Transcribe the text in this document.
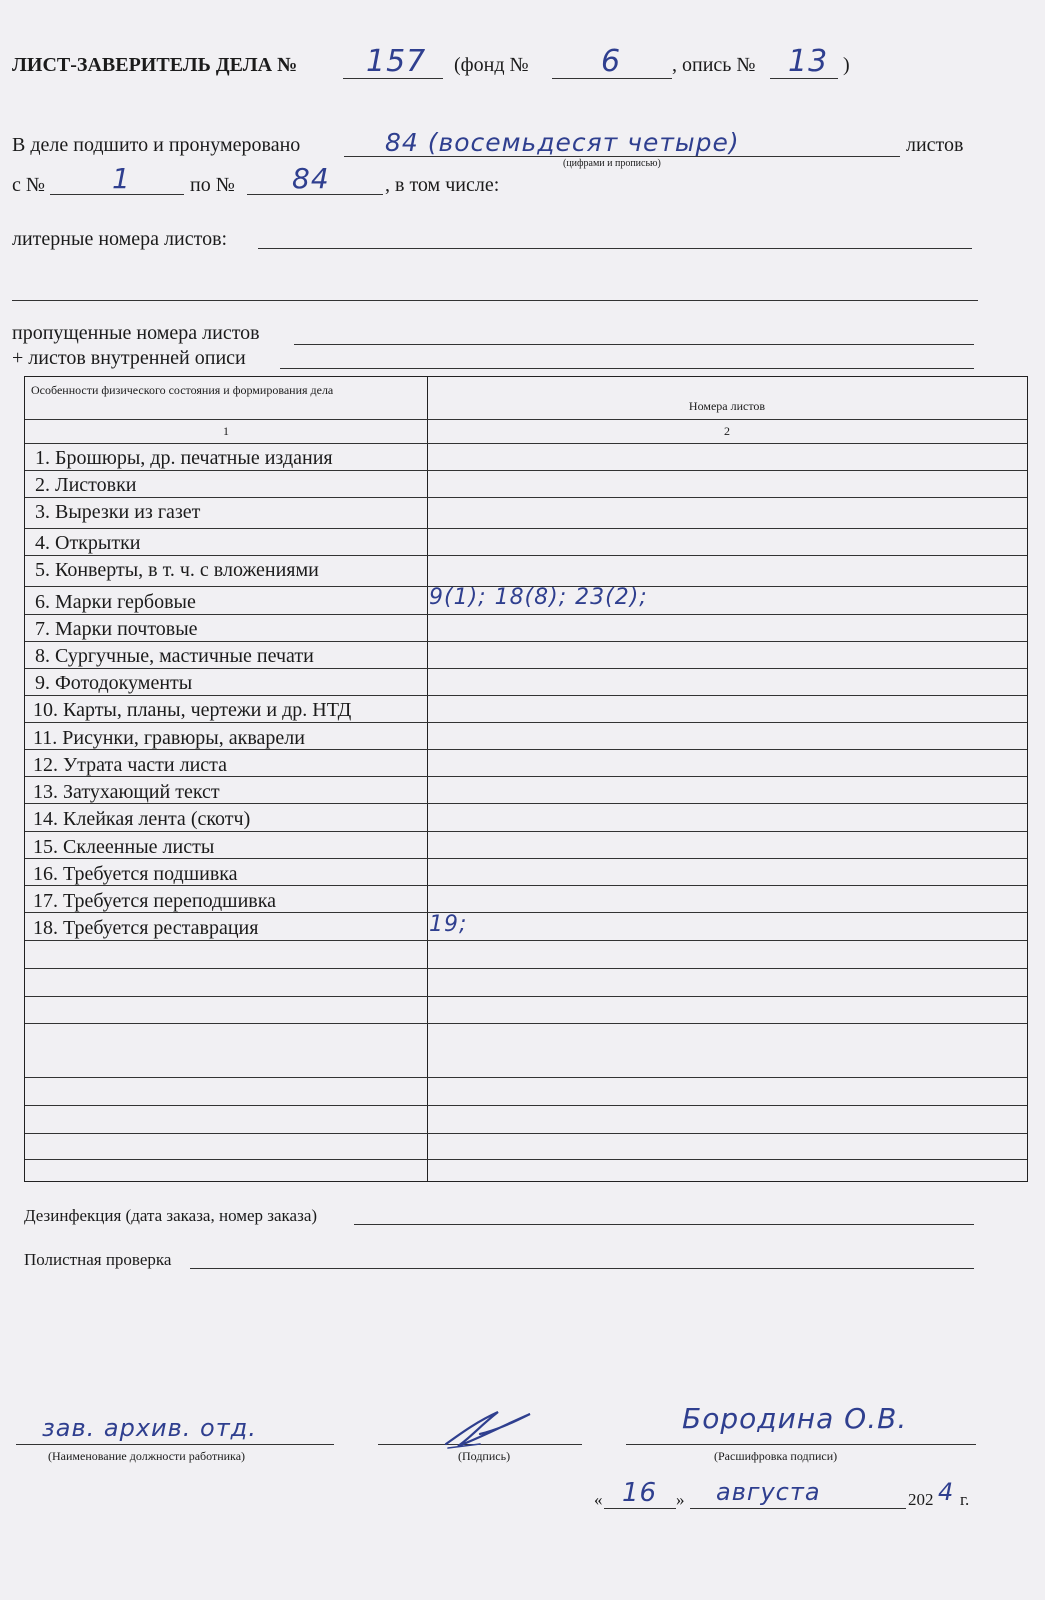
ЛИСТ-ЗАВЕРИТЕЛЬ ДЕЛА № 157 (фонд № 6	, опись № 13 )
В деле подшито и пронумеровано	84 (восемьдесят четыре)
(цифрами и прописью)
листов
с № 1	по № 84	, в том числе:
литерные номера листов:
пропущенные номера листов
+ листов внутренней описи
Особенности физического состояния и формирования дела
Номера листов
1	2
1. Брошюры, др. печатные издания
2. Листовки
3. Вырезки из газет
4. Открытки
5. Конверты, в т. ч. с вложениями
6. Марки гербовые	9(1); 18(8); 23(2);
7. Марки почтовые
8. Сургучные, мастичные печати
9. Фотодокументы
10. Карты, планы, чертежи и др. НТД
11. Рисунки, гравюры, акварели
12. Утрата части листа
13. Затухающий текст
14. Клейкая лента (скотч)
15. Склеенные листы
16. Требуется подшивка
17. Требуется переподшивка
18. Требуется реставрация	19;
Дезинфекция (дата заказа, номер заказа)
Полистная проверка
зав. архив. отд.
(Наименование должности работника)	(Подпись)
Бородина О.В.
(Расшифровка подписи)
« 16 » августа	202 4 г.
